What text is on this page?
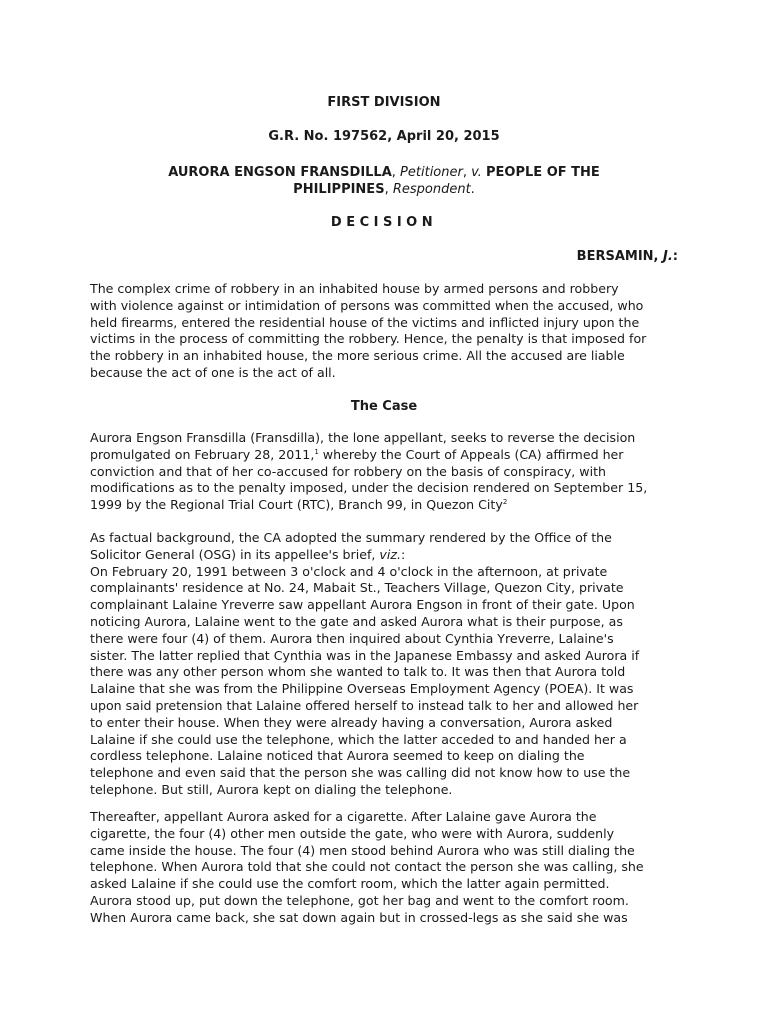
FIRST DIVISION
G.R. No. 197562, April 20, 2015
AURORA ENGSON FRANSDILLA, Petitioner, v. PEOPLE OF THE
PHILIPPINES, Respondent.
DECISION
BERSAMIN, J.:
The complex crime of robbery in an inhabited house by armed persons and robbery
with violence against or intimidation of persons was committed when the accused, who
held firearms, entered the residential house of the victims and inflicted injury upon the
victims in the process of committing the robbery. Hence, the penalty is that imposed for
the robbery in an inhabited house, the more serious crime. All the accused are liable
because the act of one is the act of all.
The Case
Aurora Engson Fransdilla (Fransdilla), the lone appellant, seeks to reverse the decision
promulgated on February 28, 2011,$^1$ whereby the Court of Appeals (CA) affirmed her
conviction and that of her co-accused for robbery on the basis of conspiracy, with
modifications as to the penalty imposed, under the decision rendered on September 15,
1999 by the Regional Trial Court (RTC), Branch 99, in Quezon City$^2$
As factual background, the CA adopted the summary rendered by the Office of the
Solicitor General (OSG) in its appellee's brief, viz.:
On February 20, 1991 between 3 o'clock and 4 o'clock in the afternoon, at private
complainants' residence at No. 24, Mabait St., Teachers Village, Quezon City, private
complainant Lalaine Yreverre saw appellant Aurora Engson in front of their gate. Upon
noticing Aurora, Lalaine went to the gate and asked Aurora what is their purpose, as
there were four (4) of them. Aurora then inquired about Cynthia Yreverre, Lalaine's
sister. The latter replied that Cynthia was in the Japanese Embassy and asked Aurora if
there was any other person whom she wanted to talk to. It was then that Aurora told
Lalaine that she was from the Philippine Overseas Employment Agency (POEA). It was
upon said pretension that Lalaine offered herself to instead talk to her and allowed her
to enter their house. When they were already having a conversation, Aurora asked
Lalaine if she could use the telephone, which the latter acceded to and handed her a
cordless telephone. Lalaine noticed that Aurora seemed to keep on dialing the
telephone and even said that the person she was calling did not know how to use the
telephone. But still, Aurora kept on dialing the telephone.
Thereafter, appellant Aurora asked for a cigarette. After Lalaine gave Aurora the
cigarette, the four (4) other men outside the gate, who were with Aurora, suddenly
came inside the house. The four (4) men stood behind Aurora who was still dialing the
telephone. When Aurora told that she could not contact the person she was calling, she
asked Lalaine if she could use the comfort room, which the latter again permitted.
Aurora stood up, put down the telephone, got her bag and went to the comfort room.
When Aurora came back, she sat down again but in crossed-legs as she said she was
